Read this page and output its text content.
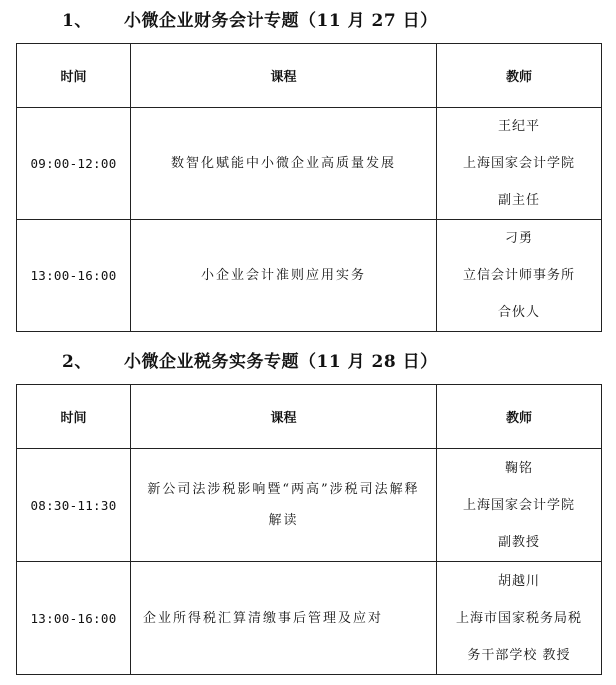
1、 小微企业财务会计专题（11 月 27 日）
时间	课程	教师
09:00-12:00	数智化赋能中小微企业高质量发展	王纪平
上海国家会计学院
副主任

13:00-16:00	小企业会计准则应用实务	刁勇
立信会计师事务所
合伙人
2、 小微企业税务实务专题（11 月 28 日）
时间	课程	教师
08:30-11:30	新公司法涉税影响暨“两高”涉税司法解释解读	鞠铭
上海国家会计学院
副教授

13:00-16:00	企业所得税汇算清缴事后管理及应对	胡越川
上海市国家税务局税
务干部学校 教授
